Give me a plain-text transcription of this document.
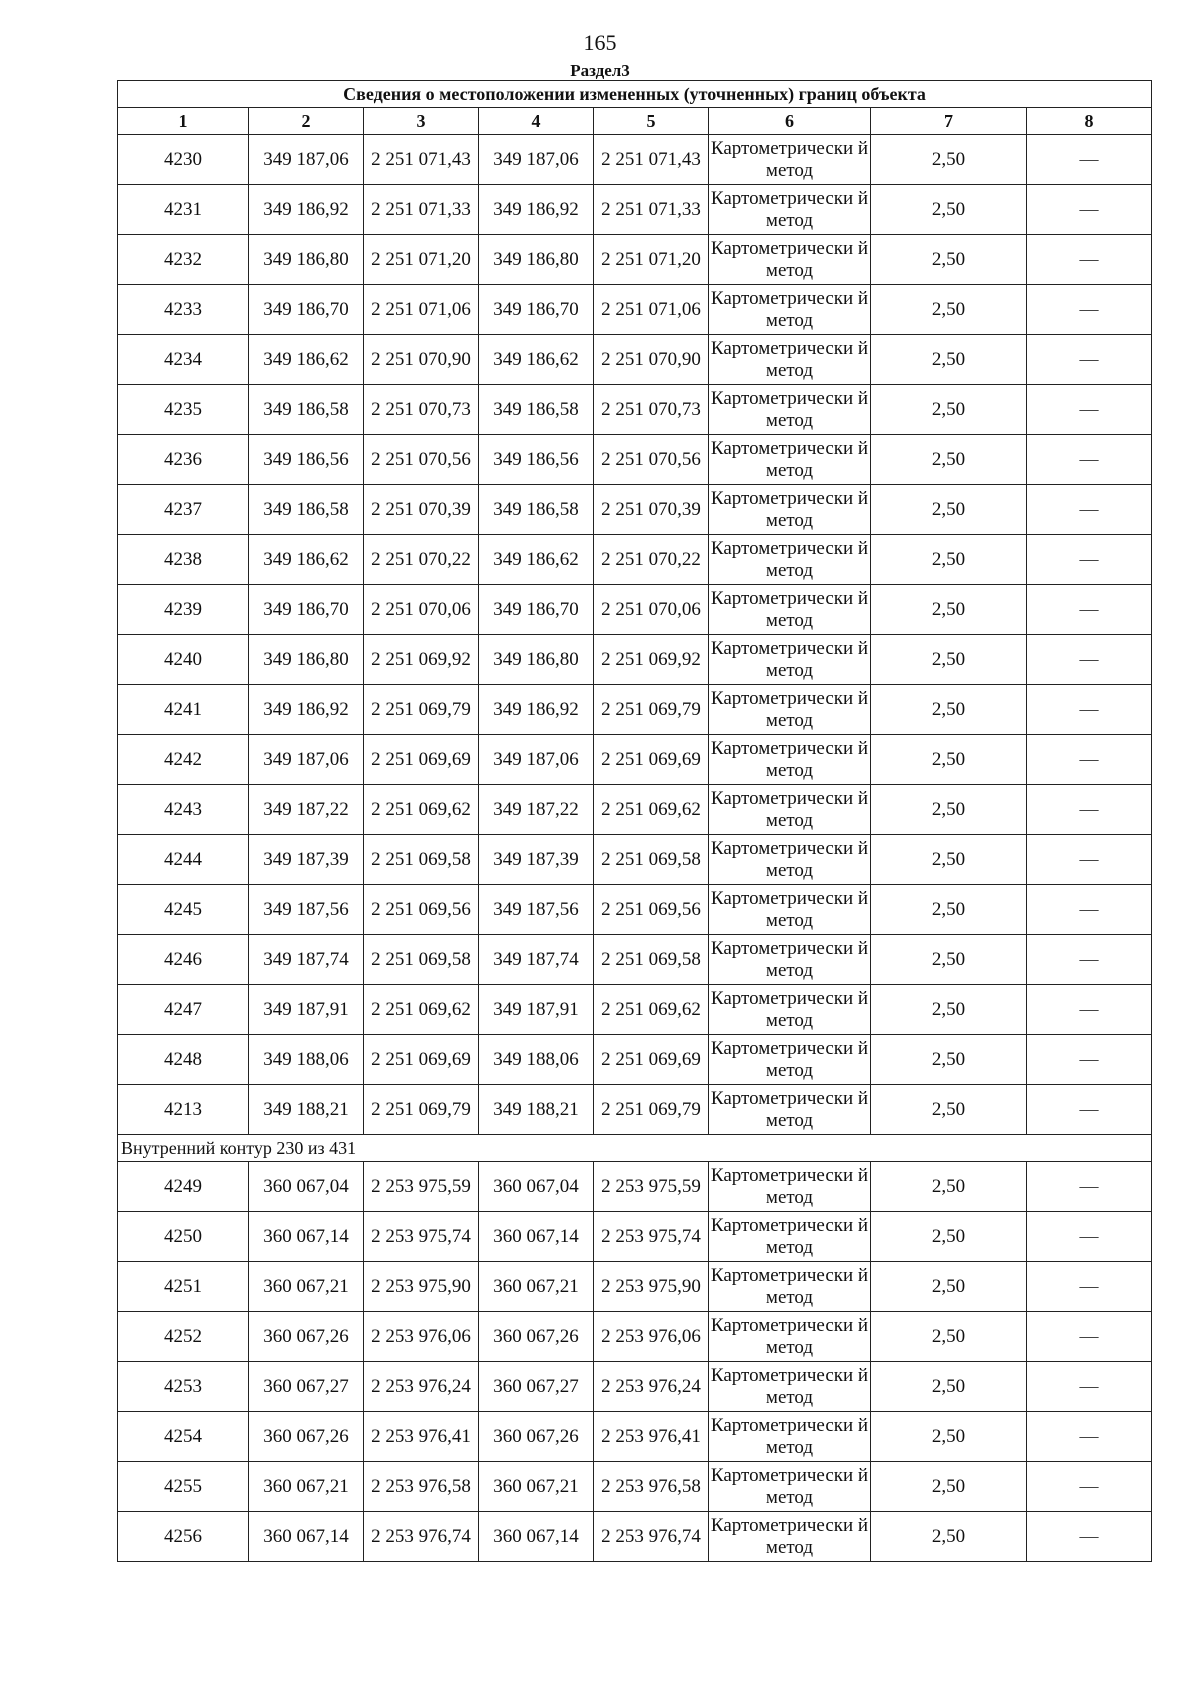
165
Раздел3
Сведения о местоположении измененных (уточненных) границ объекта							
1	2	3	4	5	6	7	8
4230	349 187,06	2 251 071,43	349 187,06	2 251 071,43	Картометрически й метод	2,50	—
4231	349 186,92	2 251 071,33	349 186,92	2 251 071,33	Картометрически й метод	2,50	—
4232	349 186,80	2 251 071,20	349 186,80	2 251 071,20	Картометрически й метод	2,50	—
4233	349 186,70	2 251 071,06	349 186,70	2 251 071,06	Картометрически й метод	2,50	—
4234	349 186,62	2 251 070,90	349 186,62	2 251 070,90	Картометрически й метод	2,50	—
4235	349 186,58	2 251 070,73	349 186,58	2 251 070,73	Картометрически й метод	2,50	—
4236	349 186,56	2 251 070,56	349 186,56	2 251 070,56	Картометрически й метод	2,50	—
4237	349 186,58	2 251 070,39	349 186,58	2 251 070,39	Картометрически й метод	2,50	—
4238	349 186,62	2 251 070,22	349 186,62	2 251 070,22	Картометрически й метод	2,50	—
4239	349 186,70	2 251 070,06	349 186,70	2 251 070,06	Картометрически й метод	2,50	—
4240	349 186,80	2 251 069,92	349 186,80	2 251 069,92	Картометрически й метод	2,50	—
4241	349 186,92	2 251 069,79	349 186,92	2 251 069,79	Картометрически й метод	2,50	—
4242	349 187,06	2 251 069,69	349 187,06	2 251 069,69	Картометрически й метод	2,50	—
4243	349 187,22	2 251 069,62	349 187,22	2 251 069,62	Картометрически й метод	2,50	—
4244	349 187,39	2 251 069,58	349 187,39	2 251 069,58	Картометрически й метод	2,50	—
4245	349 187,56	2 251 069,56	349 187,56	2 251 069,56	Картометрически й метод	2,50	—
4246	349 187,74	2 251 069,58	349 187,74	2 251 069,58	Картометрически й метод	2,50	—
4247	349 187,91	2 251 069,62	349 187,91	2 251 069,62	Картометрически й метод	2,50	—
4248	349 188,06	2 251 069,69	349 188,06	2 251 069,69	Картометрически й метод	2,50	—
4213	349 188,21	2 251 069,79	349 188,21	2 251 069,79	Картометрически й метод	2,50	—
Внутренний контур 230 из 431							
4249	360 067,04	2 253 975,59	360 067,04	2 253 975,59	Картометрически й метод	2,50	—
4250	360 067,14	2 253 975,74	360 067,14	2 253 975,74	Картометрически й метод	2,50	—
4251	360 067,21	2 253 975,90	360 067,21	2 253 975,90	Картометрически й метод	2,50	—
4252	360 067,26	2 253 976,06	360 067,26	2 253 976,06	Картометрически й метод	2,50	—
4253	360 067,27	2 253 976,24	360 067,27	2 253 976,24	Картометрически й метод	2,50	—
4254	360 067,26	2 253 976,41	360 067,26	2 253 976,41	Картометрически й метод	2,50	—
4255	360 067,21	2 253 976,58	360 067,21	2 253 976,58	Картометрически й метод	2,50	—
4256	360 067,14	2 253 976,74	360 067,14	2 253 976,74	Картометрически й метод	2,50	—
